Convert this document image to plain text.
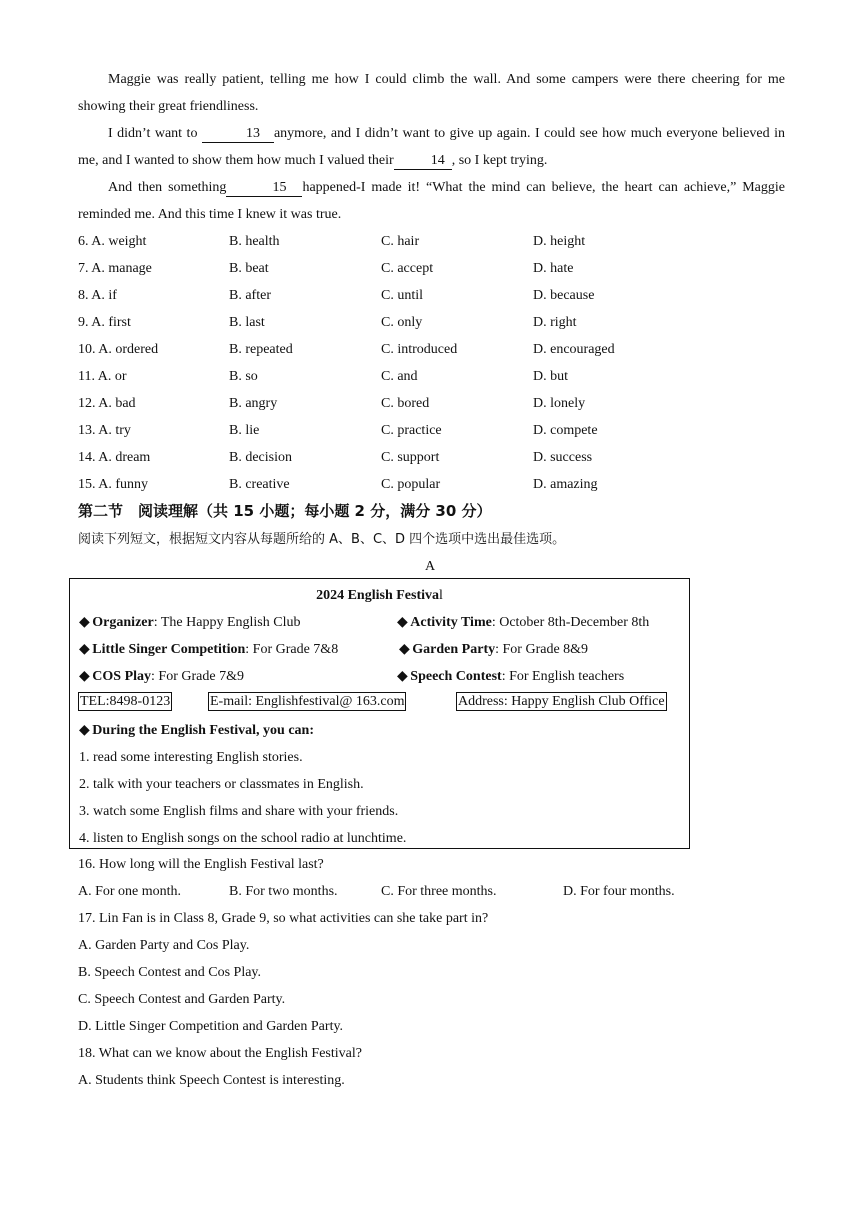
Maggie was really patient, telling me how I could climb the wall. And some campers were there cheering for me showing their great friendliness.

I didn’t want to	13 anymore, and I didn’t want to give up again. I could see how much everyone believed in me, and I wanted to show them how much I valued their	14 , so I kept trying.

And then something	15 happened-I made it! “What the mind can believe, the heart can achieve,” Maggie reminded me. And this time I knew it was true.

6. A. weight	B. health	C. hair	D. height
7. A. manage	B. beat	C. accept	D. hate
8. A. if	B. after	C. until	D. because
9. A. first	B. last	C. only	D. right
10. A. ordered	B. repeated	C. introduced	D. encouraged
11. A. or	B. so	C. and	D. but
12. A. bad	B. angry	C. bored	D. lonely
13. A. try	B. lie	C. practice	D. compete
14. A. dream	B. decision	C. support	D. success
15. A. funny	B. creative	C. popular	D. amazing
第二节　阅读理解（共 15 小题；每小题 2 分，满分 30 分）
阅读下列短文，根据短文内容从每题所给的 A、B、C、D 四个选项中选出最佳选项。
A
2024 English Festival
◆ Organizer: The Happy English Club	◆ Activity Time: October 8th-December 8th
◆ Little Singer Competition: For Grade 7&8	◆ Garden Party: For Grade 8&9
◆ COS Play: For Grade 7&9	◆ Speech Contest: For English teachers
TEL:8498-0123	E-mail: Englishfestival@ 163.com	Address: Happy English Club Office
◆ During the English Festival, you can:
1. read some interesting English stories.
2. talk with your teachers or classmates in English.
3. watch some English films and share with your friends.
4. listen to English songs on the school radio at lunchtime.
16. How long will the English Festival last?
A. For one month.	B. For two months.	C. For three months.	D. For four months.
17. Lin Fan is in Class 8, Grade 9, so what activities can she take part in?
A. Garden Party and Cos Play.
B. Speech Contest and Cos Play.
C. Speech Contest and Garden Party.
D. Little Singer Competition and Garden Party.
18. What can we know about the English Festival?
A. Students think Speech Contest is interesting.
